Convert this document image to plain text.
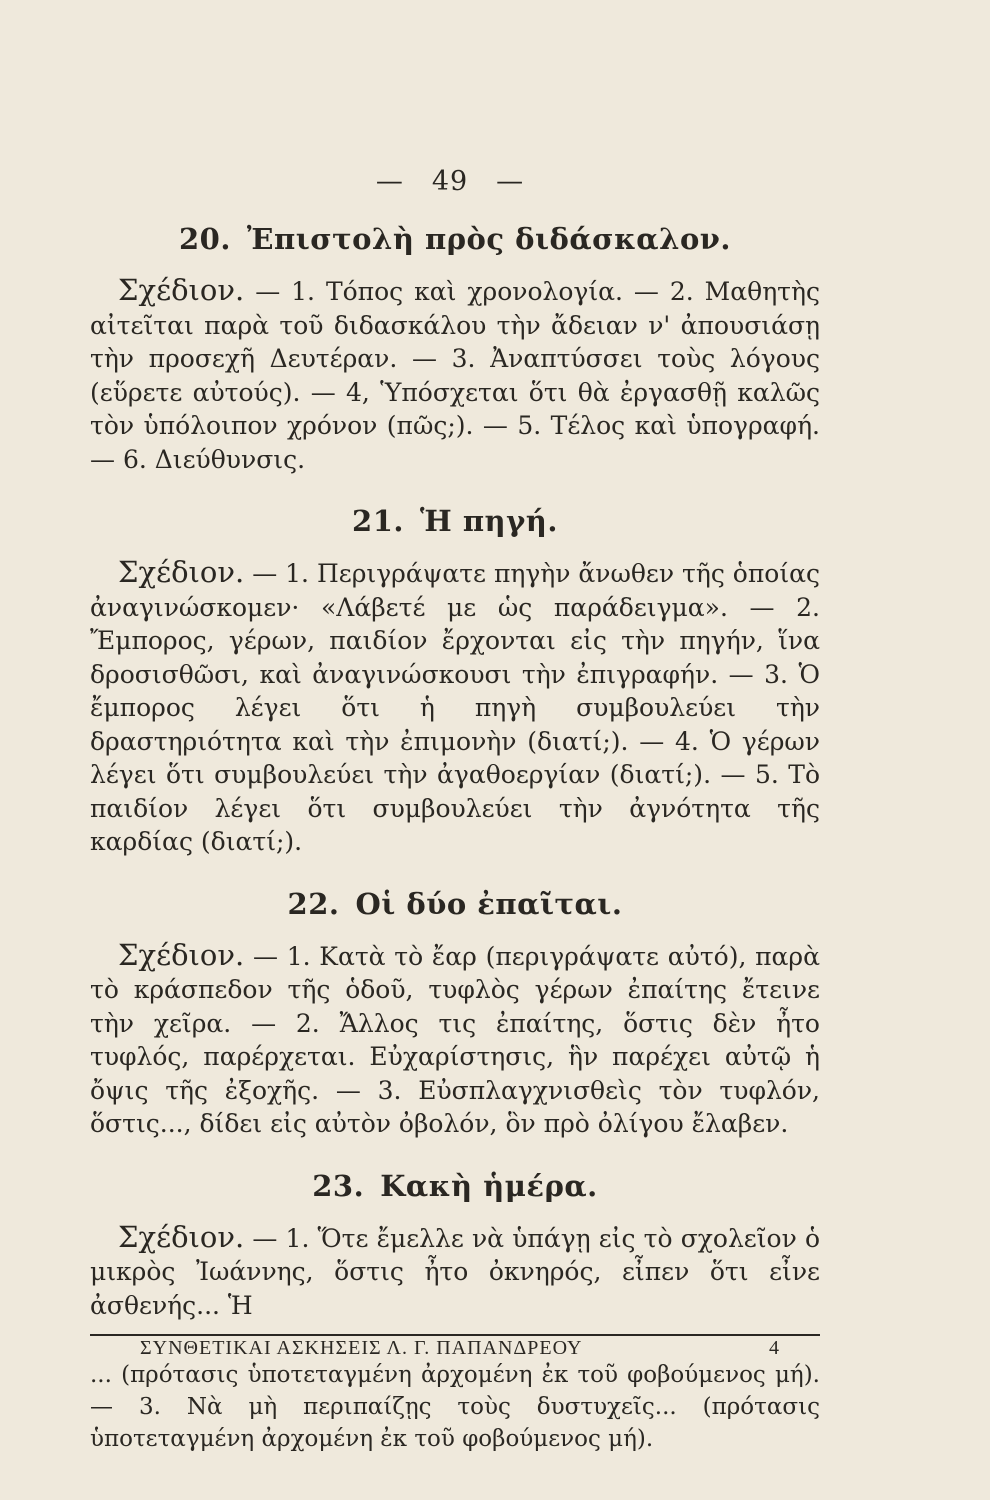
— 49 —
20. Ἐπιστολὴ πρὸς διδάσκαλον.

Σχέδιον. — 1. Τόπος καὶ χρονολογία. — 2. Μαθητὴς αἰτεῖται παρὰ τοῦ διδασκάλου τὴν ἄδειαν ν' ἀπουσιάσῃ τὴν προσεχῆ Δευτέραν. — 3. Ἀναπτύσσει τοὺς λόγους (εὕρετε αὐτούς). — 4, Ὑπόσχεται ὅτι θὰ ἐργασθῇ καλῶς τὸν ὑπόλοιπον χρόνον (πῶς;). — 5. Τέλος καὶ ὑπογραφή. — 6. Διεύθυνσις.

21. Ἡ πηγή.

Σχέδιον. — 1. Περιγράψατε πηγὴν ἄνωθεν τῆς ὁποίας ἀναγινώσκομεν· «Λάβετέ με ὡς παράδειγμα». — 2. Ἔμπορος, γέρων, παιδίον ἔρχονται εἰς τὴν πηγήν, ἵνα δροσισθῶσι, καὶ ἀναγινώσκουσι τὴν ἐπιγραφήν. — 3. Ὁ ἔμπορος λέγει ὅτι ἡ πηγὴ συμβουλεύει τὴν δραστηριότητα καὶ τὴν ἐπιμονὴν (διατί;). — 4. Ὁ γέρων λέγει ὅτι συμβουλεύει τὴν ἀγαθοεργίαν (διατί;). — 5. Τὸ παιδίον λέγει ὅτι συμβουλεύει τὴν ἀγνότητα τῆς καρδίας (διατί;).

22. Οἱ δύο ἐπαῖται.

Σχέδιον. — 1. Κατὰ τὸ ἔαρ (περιγράψατε αὐτό), παρὰ τὸ κράσπεδον τῆς ὁδοῦ, τυφλὸς γέρων ἐπαίτης ἔτεινε τὴν χεῖρα. — 2. Ἄλλος τις ἐπαίτης, ὅστις δὲν ἦτο τυφλός, παρέρχεται. Εὐχαρίστησις, ἣν παρέχει αὐτῷ ἡ ὄψις τῆς ἐξοχῆς. — 3. Εὐσπλαγχνισθεὶς τὸν τυφλόν, ὅστις..., δίδει εἰς αὐτὸν ὀβολόν, ὃν πρὸ ὀλίγου ἔλαβεν.

23. Κακὴ ἡμέρα.

Σχέδιον. — 1. Ὅτε ἔμελλε νὰ ὑπάγῃ εἰς τὸ σχολεῖον ὁ μικρὸς Ἰωάννης, ὅστις ἦτο ὀκνηρός, εἶπεν ὅτι εἶνε ἀσθενής... Ἡ

... (πρότασις ὑποτεταγμένη ἀρχομένη ἐκ τοῦ φοβούμενος μή). — 3. Νὰ μὴ περιπαίζῃς τοὺς δυστυχεῖς... (πρότασις ὑποτεταγμένη ἀρχομένη ἐκ τοῦ φοβούμενος μή).

ΣΥΝΘΕΤΙΚΑΙ ΑΣΚΗΣΕΙΣ Λ. Γ. ΠΑΠΑΝΔΡΕΟΥ	4
